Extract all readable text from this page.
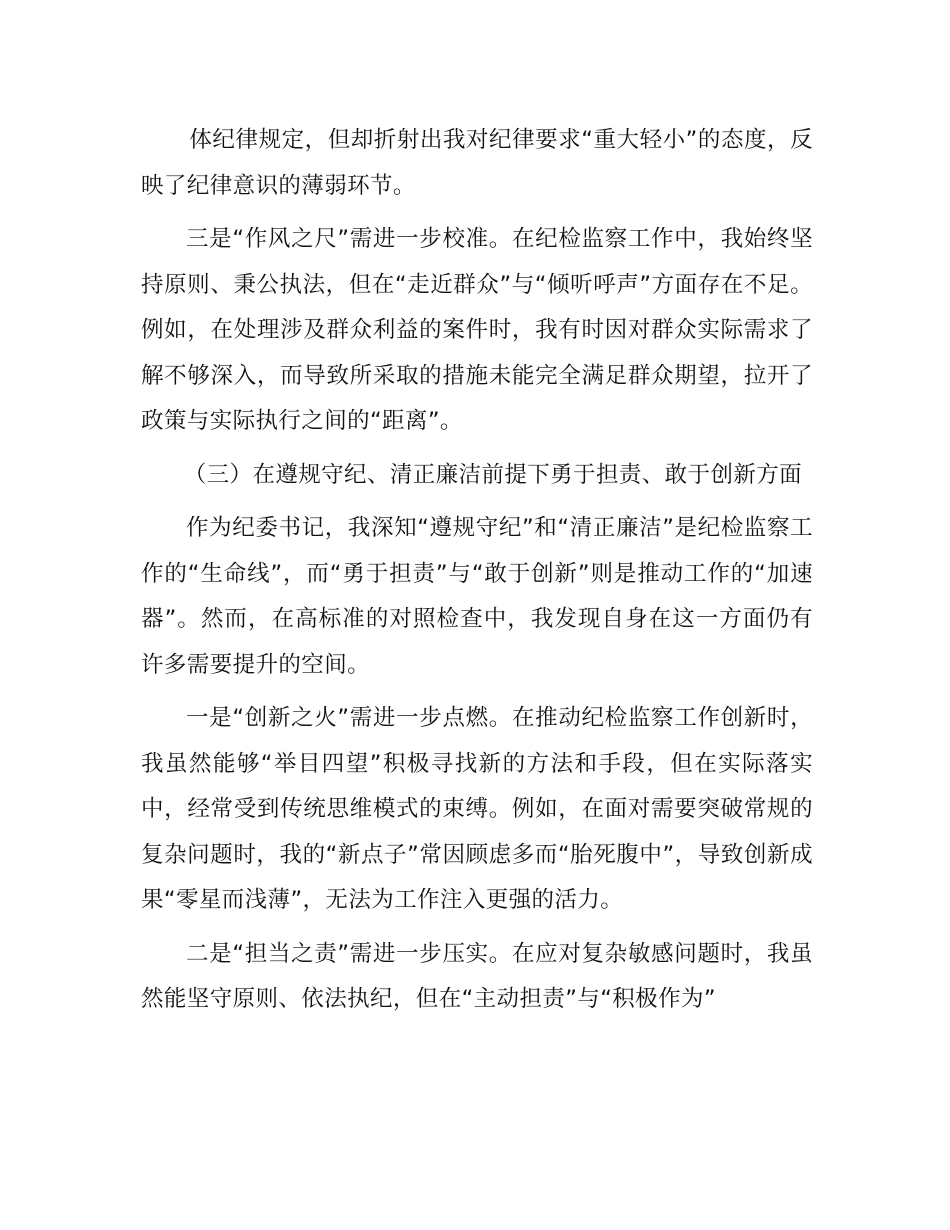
体纪律规定，但却折射出我对纪律要求“重大轻小”的态度，反映了纪律意识的薄弱环节。

三是“作风之尺”需进一步校准。在纪检监察工作中，我始终坚持原则、秉公执法，但在“走近群众”与“倾听呼声”方面存在不足。例如，在处理涉及群众利益的案件时，我有时因对群众实际需求了解不够深入，而导致所采取的措施未能完全满足群众期望，拉开了政策与实际执行之间的“距离”。

（三）在遵规守纪、清正廉洁前提下勇于担责、敢于创新方面

作为纪委书记，我深知“遵规守纪”和“清正廉洁”是纪检监察工作的“生命线”，而“勇于担责”与“敢于创新”则是推动工作的“加速器”。然而，在高标准的对照检查中，我发现自身在这一方面仍有许多需要提升的空间。

一是“创新之火”需进一步点燃。在推动纪检监察工作创新时，我虽然能够“举目四望”积极寻找新的方法和手段，但在实际落实中，经常受到传统思维模式的束缚。例如，在面对需要突破常规的复杂问题时，我的“新点子”常因顾虑多而“胎死腹中”，导致创新成果“零星而浅薄”，无法为工作注入更强的活力。

二是“担当之责”需进一步压实。在应对复杂敏感问题时，我虽然能坚守原则、依法执纪，但在“主动担责”与“积极作为”
